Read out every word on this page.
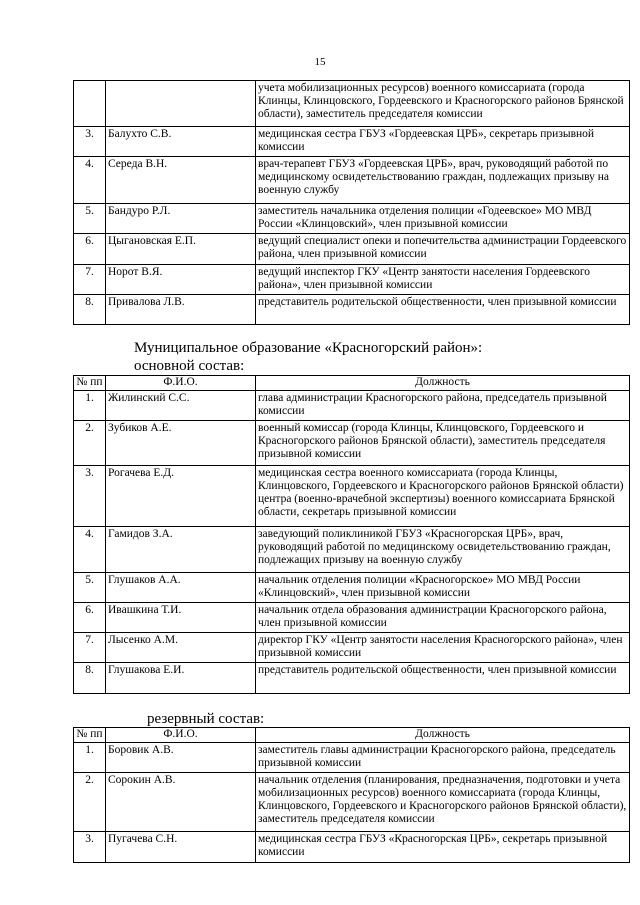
15
		учета мобилизационных ресурсов) военного комиссариата (города Клинцы, Клинцовского, Гордеевского и Красногорского районов Брянской области), заместитель председателя комиссии
3.	Балухто С.В.	медицинская сестра ГБУЗ «Гордеевская ЦРБ», секретарь призывной комиссии
4.	Середа В.Н.	врач-терапевт ГБУЗ «Гордеевская ЦРБ», врач, руководящий работой по медицинскому освидетельствованию граждан, подлежащих призыву на военную службу
5.	Бандуро Р.Л.	заместитель начальника отделения полиции «Годеевское» МО МВД России «Клинцовский», член призывной комиссии
6.	Цыгановская Е.П.	ведущий специалист опеки и попечительства администрации Гордеевского района, член призывной комиссии
7.	Норот В.Я.	ведущий инспектор ГКУ «Центр занятости населения Гордеевского района», член призывной комиссии
8.	Привалова Л.В.	представитель родительской общественности, член призывной комиссии
Муниципальное образование «Красногорский район»:
основной состав:
№ пп	Ф.И.О.	Должность
1.	Жилинский С.С.	глава администрации Красногорского района, председатель призывной комиссии
2.	Зубиков А.Е.	военный комиссар (города Клинцы, Клинцовского, Гордеевского и Красногорского районов Брянской области), заместитель председателя призывной комиссии
3.	Рогачева Е.Д.	медицинская сестра военного комиссариата (города Клинцы, Клинцовского, Гордеевского и Красногорского районов Брянской области) центра (военно-врачебной экспертизы) военного комиссариата Брянской области, секретарь призывной комиссии
4.	Гамидов З.А.	заведующий поликлиникой ГБУЗ «Красногорская ЦРБ», врач, руководящий работой по медицинскому освидетельствованию граждан, подлежащих призыву на военную службу
5.	Глушаков А.А.	начальник отделения полиции «Красногорское» МО МВД России «Клинцовский», член призывной комиссии
6.	Ивашкина Т.И.	начальник отдела образования администрации Красногорского района, член призывной комиссии
7.	Лысенко А.М.	директор ГКУ «Центр занятости населения Красногорского района», член призывной комиссии
8.	Глушакова Е.И.	представитель родительской общественности, член призывной комиссии
резервный состав:
№ пп	Ф.И.О.	Должность
1.	Боровик А.В.	заместитель главы администрации Красногорского района, председатель призывной комиссии
2.	Сорокин А.В.	начальник отделения (планирования, предназначения, подготовки и учета мобилизационных ресурсов) военного комиссариата (города Клинцы, Клинцовского, Гордеевского и Красногорского районов Брянской области), заместитель председателя комиссии
3.	Пугачева С.Н.	медицинская сестра ГБУЗ «Красногорская ЦРБ», секретарь призывной комиссии
